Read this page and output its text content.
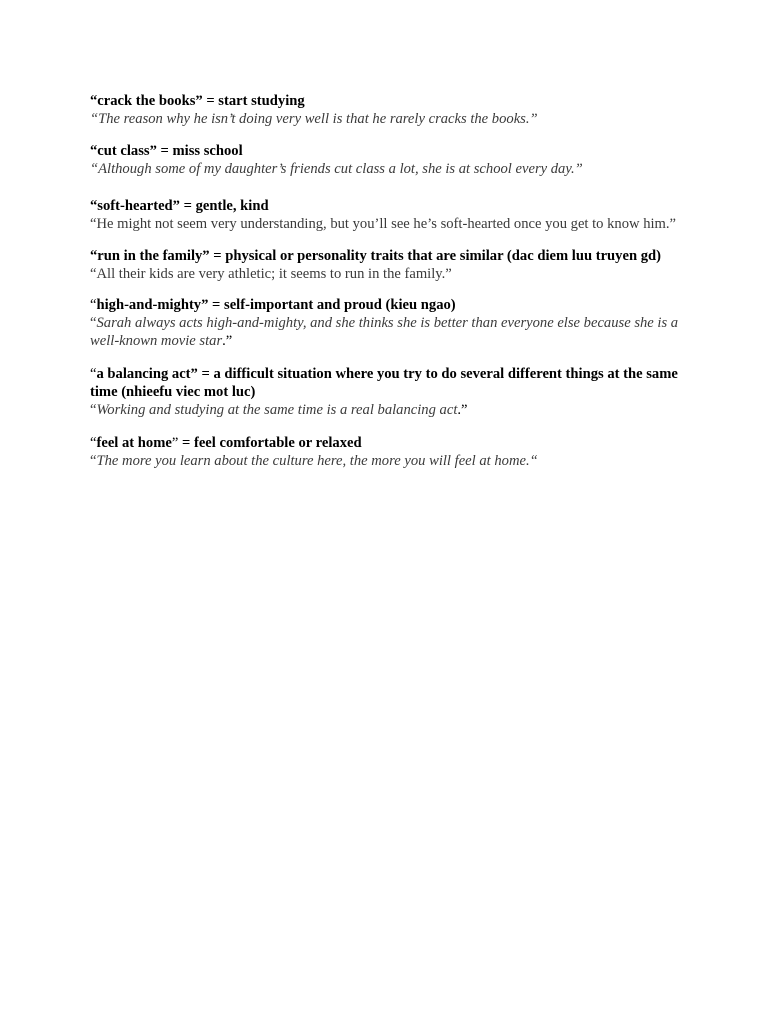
“crack the books” = start studying

“The reason why he isn’t doing very well is that he rarely cracks the books.”

“cut class” = miss school

“Although some of my daughter’s friends cut class a lot, she is at school every day.”

“soft-hearted” = gentle, kind

“He might not seem very understanding, but you’ll see he’s soft-hearted once you get to know him.”

“run in the family” = physical or personality traits that are similar (dac diem luu truyen gd)

“All their kids are very athletic; it seems to run in the family.”

“high-and-mighty” = self-important and proud (kieu ngao)

“Sarah always acts high-and-mighty, and she thinks she is better than everyone else because she is a well-known movie star.”

“a balancing act” = a difficult situation where you try to do several different things at the same time (nhieefu viec mot luc)

“Working and studying at the same time is a real balancing act.”

“feel at home” = feel comfortable or relaxed

“The more you learn about the culture here, the more you will feel at home.“
